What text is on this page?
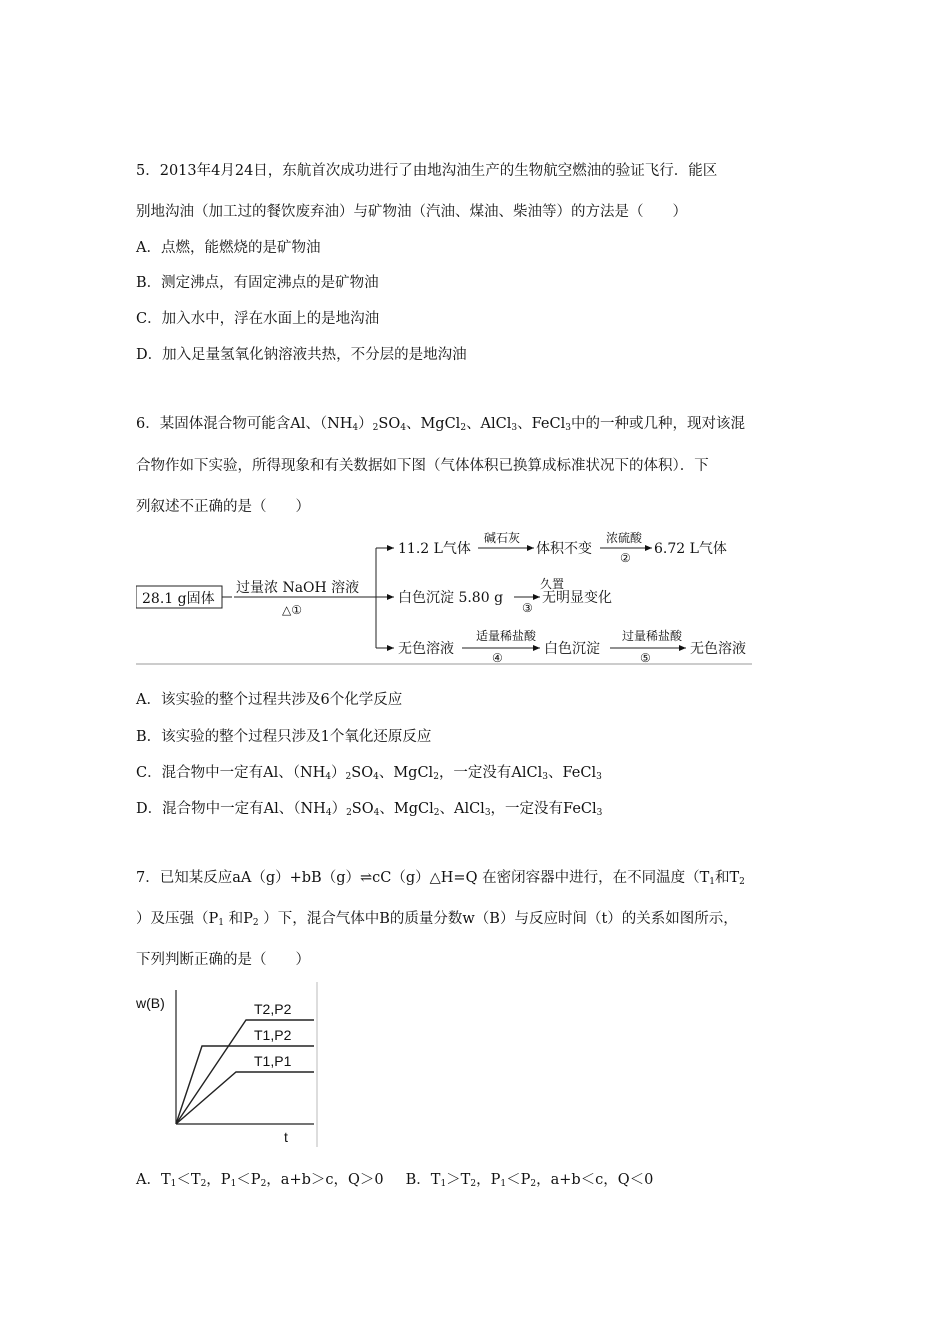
5．2013年4月24日，东航首次成功进行了由地沟油生产的生物航空燃油的验证飞行．能区
别地沟油（加工过的餐饮废弃油）与矿物油（汽油、煤油、柴油等）的方法是（　　）
A．点燃，能燃烧的是矿物油
B．测定沸点，有固定沸点的是矿物油
C．加入水中，浮在水面上的是地沟油
D．加入足量氢氧化钠溶液共热，不分层的是地沟油
6．某固体混合物可能含Al、$(NH_4)_2SO_4$、MgCl$_2$、AlCl$_3$、FeCl$_3$中的一种或几种，现对该混
合物作如下实验，所得现象和有关数据如下图（气体体积已换算成标准状况下的体积）．下
列叙述不正确的是（　　）
28.1 g固体
过量浓 NaOH 溶液
△①
11.2 L气体
碱石灰
体积不变
浓硫酸
②
6.72 L气体
白色沉淀 5.80 g
久置
③
无明显变化
无色溶液
适量稀盐酸
④
白色沉淀
过量稀盐酸
⑤
无色溶液
A．该实验的整个过程共涉及6个化学反应
B．该实验的整个过程只涉及1个氧化还原反应
C．混合物中一定有Al、$(NH_4)_2SO_4$、MgCl$_2$，一定没有AlCl$_3$、FeCl$_3$
D．混合物中一定有Al、$(NH_4)_2SO_4$、MgCl$_2$、AlCl$_3$，一定没有FeCl$_3$
7．已知某反应aA（g）+bB（g）⇌cC（g）△H=Q 在密闭容器中进行，在不同温度（$T_1$和$T_2$
）及压强（$P_1$ 和$P_2$ ）下，混合气体中B的质量分数w（B）与反应时间（t）的关系如图所示，
下列判断正确的是（　　）
w(B)
t
T2,P2
T1,P2
T1,P1
A．$T_1<T_2$，$P_1<P_2$，a+b＞c，Q＞0 B．$T_1>T_2$，$P_1<P_2$，a+b＜c，Q＜0
